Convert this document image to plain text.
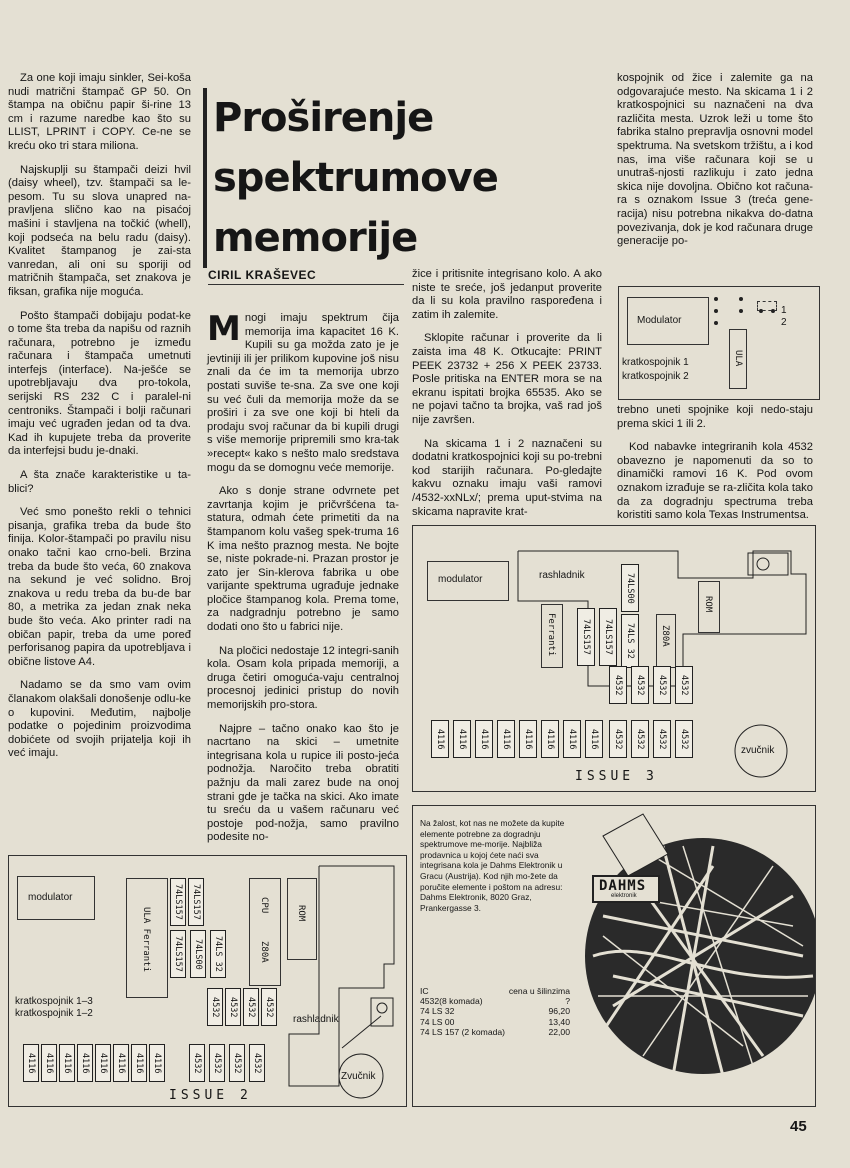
Za one koji imaju sinkler, Sei-koša nudi matrični štampač GP 50. On štampa na običnu papir ši-rine 13 cm i razume naredbe kao što su LLIST, LPRINT i COPY. Ce-ne se kreću oko tri stara miliona.

Najskuplji su štampači deizi hvil (daisy wheel), tzv. štampači sa le-pesom. Tu su slova unapred na-pravljena slično kao na pisaćoj mašini i stavljena na točkić (whell), koji podseća na belu radu (daisy). Kvalitet štampanog je zai-sta vanredan, ali oni su sporiji od matričnih štampača, set znakova je fiksan, grafika nije moguća.

Pošto štampači dobijaju podat-ke o tome šta treba da napišu od raznih računara, potrebno je između računara i štampača umetnuti interfejs (interface). Na-ješće se upotrebljavaju dva pro-tokola, serijski RS 232 C i paralel-ni centroniks. Štampači i bolji računari imaju već ugrađen jedan od ta dva. Kad ih kupujete treba da proverite da interfejsi budu je-dnaki.

A šta znače karakteristike u ta-blici?

Već smo ponešto rekli o tehnici pisanja, grafika treba da bude što finija. Kolor-štampači po pravilu nisu onako tačni kao crno-beli. Brzina treba da bude što veća, 60 znakova na sekund je već solidno. Broj znakova u redu treba da bu-de bar 80, a metrika za jedan znak neka bude što veća. Ako printer radi na običan papir, treba da ume poređ perforisanog papira da upotrebljava i obične listove A4.

Nadamo se da smo vam ovim članakom olakšali donošenje odlu-ke o kupovini. Međutim, najbolje podatke o pojedinim proizvodima dobićete od svojih prijatelja koji ih već imaju.

Proširenje spektrumove memorije
CIRIL KRAŠEVEC

Mnogi imaju spektrum čija memorija ima kapacitet 16 K. Kupili su ga možda zato je je jevtiniji ili jer prilikom kupovine još nisu znali da će im ta memorija ubrzo postati suviše te-sna. Za sve one koji su već čuli da memorija može da se proširi i za sve one koji bi hteli da prodaju svoj računar da bi kupili drugi s više memorije pripremili smo kra-tak »recept« kako s nešto malo sredstava mogu da se domognu veće memorije.

Ako s donje strane odvrnete pet zavrtanja kojim je pričvršćena ta-statura, odmah ćete primetiti da na štampanom kolu vašeg spek-truma 16 K ima nešto praznog mesta. Ne bojte se, niste pokrade-ni. Prazan prostor je zato jer Sin-klerova fabrika u obe varijante spektruma ugrađuje jednake pločice štampanog kola. Prema tome, za nadgradnju potrebno je samo dodati ono što u fabrici nije.

Na pločici nedostaje 12 integri-sanih kola. Osam kola pripada memoriji, a druga četiri omogućа-vaju centralnoj procesnoj jedinici pristup do novih memorijskih pro-stora.

Najpre – tačno onako kao što je nacrtano na skici – umetnite integrisana kola u rupice ili posto-jeća podnožja. Naročito treba obratiti pažnju da mali zarez bude na onoj strani gde je tačka na skici. Ako imate tu sreću da u vašem računaru već postoje pod-nožja, samo pravilno podesite no-

žice i pritisnite integrisano kolo. A ako niste te sreće, još jedanput proverite da li su kola pravilno raspoređena i zatim ih zalemite.

Sklopite računar i proverite da li zaista ima 48 K. Otkucajte: PRINT PEEK 23732 + 256 X PEEK 23733. Posle pritiska na ENTER mora se na ekranu ispitati brojka 65535. Ako se ne pojavi tačno ta brojka, vaš rad još nije završen.

Na skicama 1 i 2 naznačeni su dodatni kratkospojnici koji su po-trebni kod starijih računara. Po-gledajte kakvu oznaku imaju vaši ramovi /4532-xxNLx/; prema uput-stvima na skicama napravite krat-

kospojnik od žice i zalemite ga na odgovarajuće mesto. Na skicama 1 i 2 kratkospojnici su naznačeni na dva različita mesta. Uzrok leži u tome što fabrika stalno prepravlja osnovni model spektruma. Na svetskom tržištu, a i kod nas, ima više računara koji se u unutraš-njosti razlikuju i zato jedna skica nije dovoljna. Obično kot računa-ra s oznakom Issue 3 (treća gene-racija) nisu potrebna nikakva do-datna povezivanja, dok je kod računara druge generacije po-

trebno uneti spojnike koji nedo-staju prema skici 1 ili 2.

Kod nabavke integriranih kola 4532 obavezno je napomenuti da so to dinamički ramovi 16 K. Pod ovom oznakom izrađuje se ra-zličita kola tako da za dogradnju spectruma treba koristiti samo kola Texas Instrumentsa.

Modulator
ULA
1
2
kratkospojnik 1
kratkospojnik 2
modulator	rashladnik
Ferranti
ROM
Z80A
74LS157	74LS157
74LS00
74LS 32
4532	4532	4532	4532
4116	4116	4116	4116	4116	4116	4116	4116	4532	4532	4532	4532
zvučnik
ISSUE 3
modulator
ULA Ferranti
74LS157 74LS157
74LS157	74LS00	74LS 32
CPU
Z80A
ROM
rashladnik
Zvučnik
4532 4532 4532 4532
kratkospojnik 1–3
kratkospojnik 1–2
4116 4116 4116 4116 4116 4116 4116 4116	4532	4532	4532	4532
ISSUE 2
DAHMS
elektronik
Na žalost, kot nas ne možete da kupite elemente potrebne za dogradnju spektrumove me-morije. Najbliža prodavnica u kojoj ćete naći sva integrisana kola je Dahms Elektronik u Gracu (Austrija). Kod njih mo-žete da poručite elemente i poštom na adresu: Dahms Elektronik, 8020 Graz, Prankergasse 3.
IC	cena u šilinzima
4532(8 komada)	?
74 LS 32	96,20
74 LS 00	13,40
74 LS 157 (2 komada)	22,00
45
